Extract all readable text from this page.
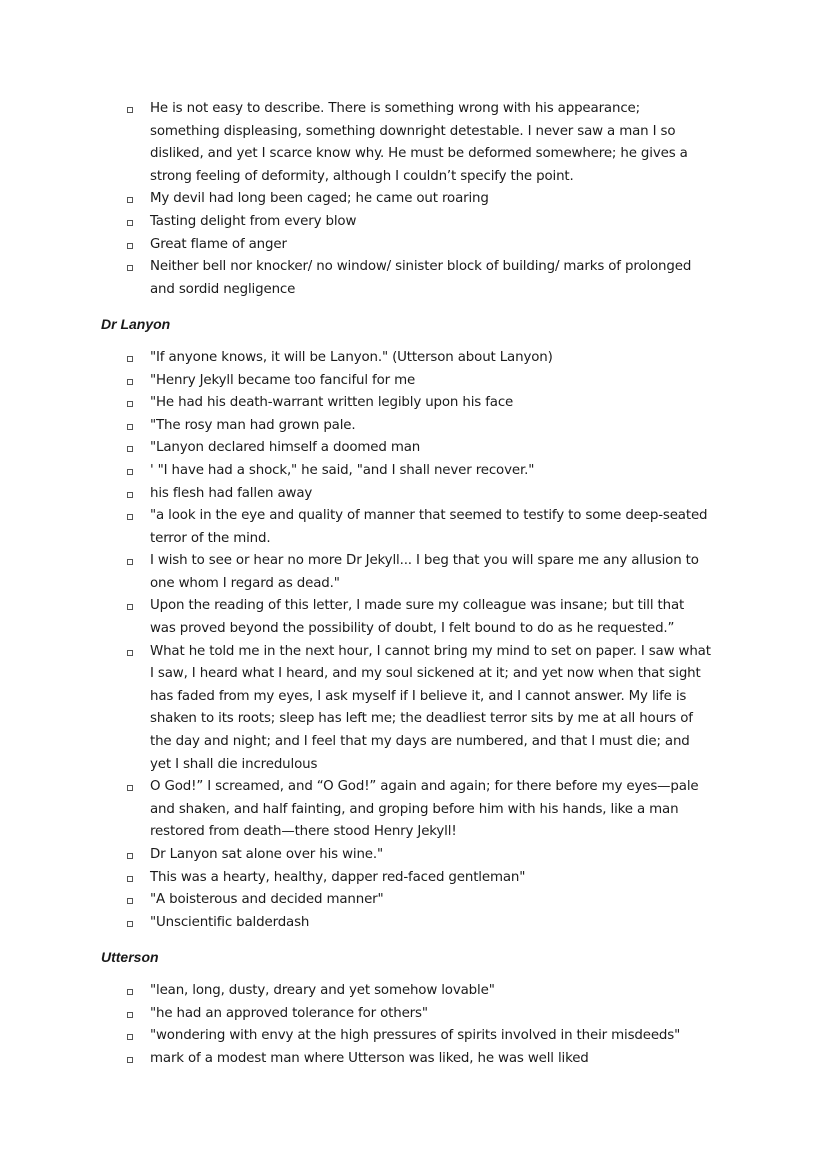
He is not easy to describe. There is something wrong with his appearance;
something displeasing, something downright detestable. I never saw a man I so
disliked, and yet I scarce know why. He must be deformed somewhere; he gives a
strong feeling of deformity, although I couldn’t specify the point.
My devil had long been caged; he came out roaring
Tasting delight from every blow
Great flame of anger
Neither bell nor knocker/ no window/ sinister block of building/ marks of prolonged
and sordid negligence
Dr Lanyon
"If anyone knows, it will be Lanyon." (Utterson about Lanyon)
"Henry Jekyll became too fanciful for me
"He had his death-warrant written legibly upon his face
"The rosy man had grown pale.
"Lanyon declared himself a doomed man
' "I have had a shock," he said, "and I shall never recover."
his flesh had fallen away
"a look in the eye and quality of manner that seemed to testify to some deep-seated
terror of the mind.
I wish to see or hear no more Dr Jekyll... I beg that you will spare me any allusion to
one whom I regard as dead."
Upon the reading of this letter, I made sure my colleague was insane; but till that
was proved beyond the possibility of doubt, I felt bound to do as he requested.”
What he told me in the next hour, I cannot bring my mind to set on paper. I saw what
I saw, I heard what I heard, and my soul sickened at it; and yet now when that sight
has faded from my eyes, I ask myself if I believe it, and I cannot answer. My life is
shaken to its roots; sleep has left me; the deadliest terror sits by me at all hours of
the day and night; and I feel that my days are numbered, and that I must die; and
yet I shall die incredulous
O God!” I screamed, and “O God!” again and again; for there before my eyes—pale
and shaken, and half fainting, and groping before him with his hands, like a man
restored from death—there stood Henry Jekyll!
Dr Lanyon sat alone over his wine."
This was a hearty, healthy, dapper red-faced gentleman"
"A boisterous and decided manner"
"Unscientific balderdash
Utterson
"lean, long, dusty, dreary and yet somehow lovable"
"he had an approved tolerance for others"
"wondering with envy at the high pressures of spirits involved in their misdeeds"
mark of a modest man where Utterson was liked, he was well liked
